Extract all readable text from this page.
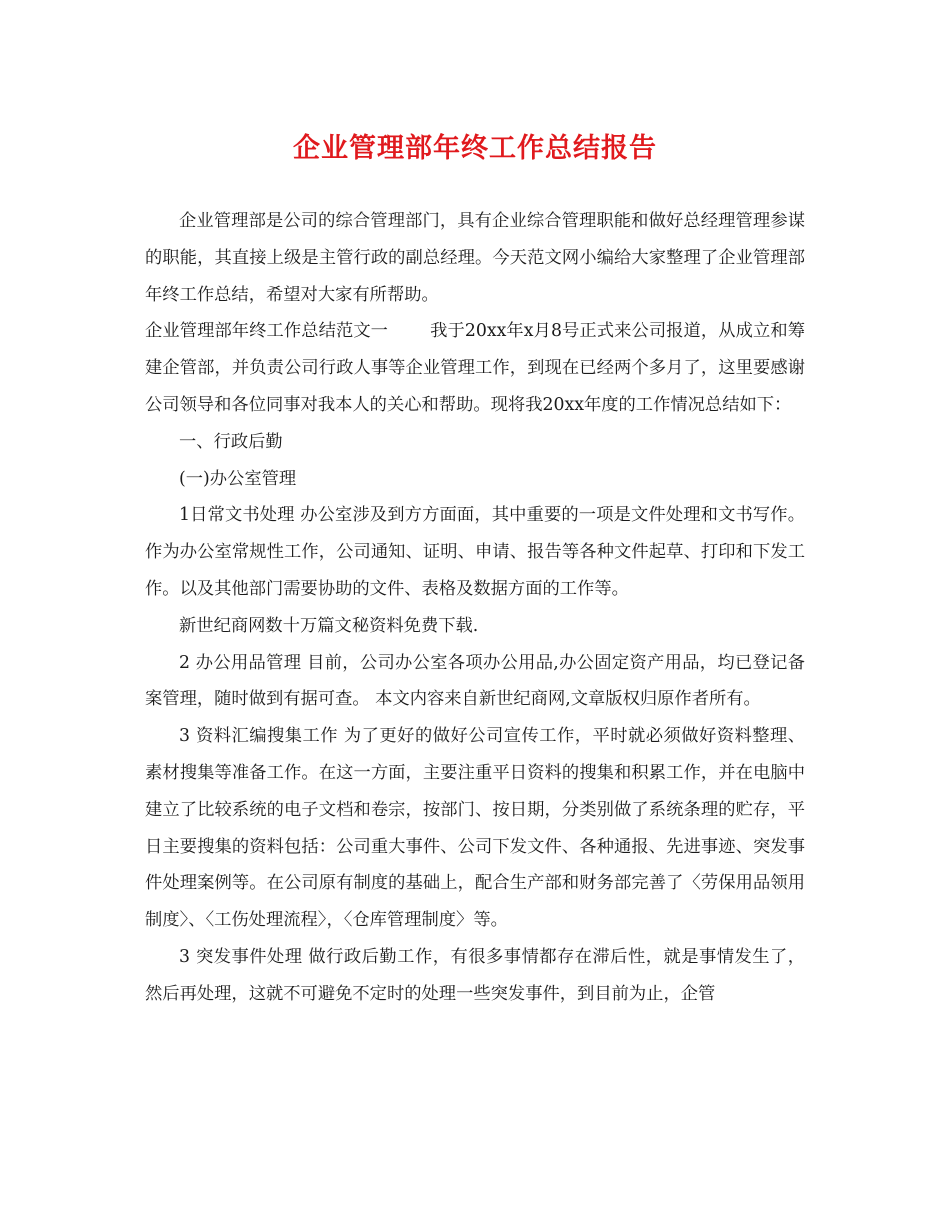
企业管理部年终工作总结报告

企业管理部是公司的综合管理部门，具有企业综合管理职能和做好总经理管理参谋的职能，其直接上级是主管行政的副总经理。今天范文网小编给大家整理了企业管理部年终工作总结，希望对大家有所帮助。

企业管理部年终工作总结范文一 我于20xx年x月8号正式来公司报道，从成立和筹建企管部，并负责公司行政人事等企业管理工作，到现在已经两个多月了，这里要感谢公司领导和各位同事对我本人的关心和帮助。现将我20xx年度的工作情况总结如下：

一、行政后勤

(一)办公室管理

1日常文书处理 办公室涉及到方方面面，其中重要的一项是文件处理和文书写作。作为办公室常规性工作，公司通知、证明、申请、报告等各种文件起草、打印和下发工作。以及其他部门需要协助的文件、表格及数据方面的工作等。

新世纪商网数十万篇文秘资料免费下载.

2 办公用品管理 目前，公司办公室各项办公用品,办公固定资产用品，均已登记备案管理，随时做到有据可查。 本文内容来自新世纪商网,文章版权归原作者所有。

3 资料汇编搜集工作 为了更好的做好公司宣传工作，平时就必须做好资料整理、素材搜集等准备工作。在这一方面，主要注重平日资料的搜集和积累工作，并在电脑中建立了比较系统的电子文档和卷宗，按部门、按日期，分类别做了系统条理的贮存，平日主要搜集的资料包括：公司重大事件、公司下发文件、各种通报、先进事迹、突发事件处理案例等。在公司原有制度的基础上，配合生产部和财务部完善了〈劳保用品领用制度〉、〈工伤处理流程〉，〈仓库管理制度〉等。

3 突发事件处理 做行政后勤工作，有很多事情都存在滞后性，就是事情发生了，然后再处理，这就不可避免不定时的处理一些突发事件，到目前为止，企管
